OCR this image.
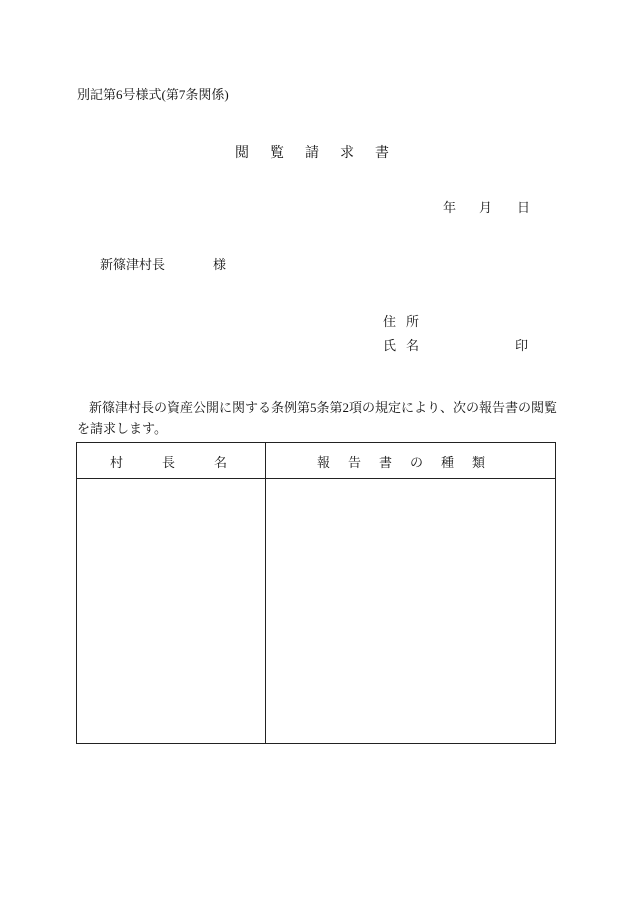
別記第6号様式(第7条関係)
閲覧請求書
年 月 日
新篠津村長	様
住所
氏名	印
新篠津村長の資産公開に関する条例第5条第2項の規定により、次の報告書の閲覧を請求します。
村長名	報告書の種類
